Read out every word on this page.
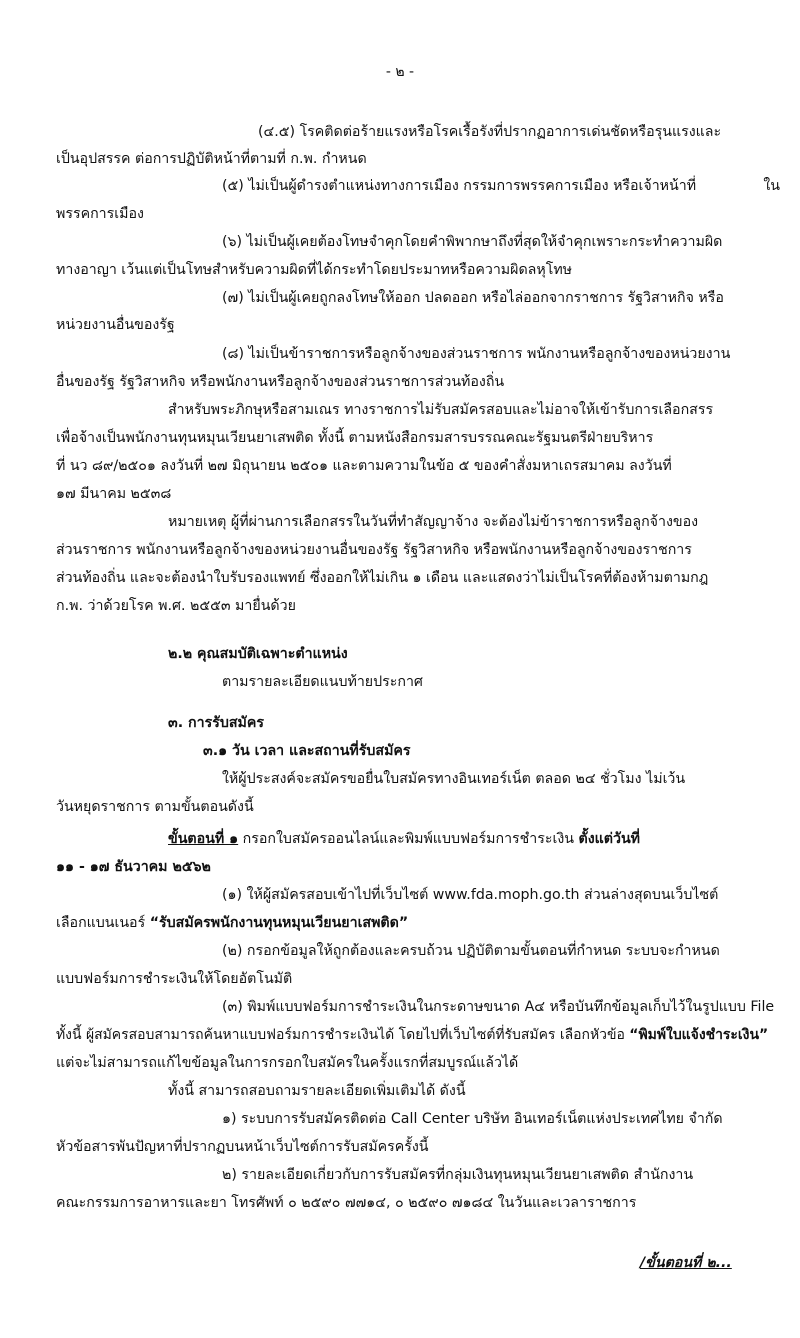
- ๒ -
(๔.๕) โรคติดต่อร้ายแรงหรือโรคเรื้อรังที่ปรากฏอาการเด่นชัดหรือรุนแรงและ
เป็นอุปสรรค ต่อการปฏิบัติหน้าที่ตามที่ ก.พ. กำหนด
(๕) ไม่เป็นผู้ดำรงตำแหน่งทางการเมือง กรรมการพรรคการเมือง หรือเจ้าหน้าที่	ใน
พรรคการเมือง
(๖) ไม่เป็นผู้เคยต้องโทษจำคุกโดยคำพิพากษาถึงที่สุดให้จำคุกเพราะกระทำความผิด
ทางอาญา เว้นแต่เป็นโทษสำหรับความผิดที่ได้กระทำโดยประมาทหรือความผิดลหุโทษ
(๗) ไม่เป็นผู้เคยถูกลงโทษให้ออก ปลดออก หรือไล่ออกจากราชการ รัฐวิสาหกิจ หรือ
หน่วยงานอื่นของรัฐ
(๘) ไม่เป็นข้าราชการหรือลูกจ้างของส่วนราชการ พนักงานหรือลูกจ้างของหน่วยงาน
อื่นของรัฐ รัฐวิสาหกิจ หรือพนักงานหรือลูกจ้างของส่วนราชการส่วนท้องถิ่น
สำหรับพระภิกษุหรือสามเณร ทางราชการไม่รับสมัครสอบและไม่อาจให้เข้ารับการเลือกสรร
เพื่อจ้างเป็นพนักงานทุนหมุนเวียนยาเสพติด ทั้งนี้ ตามหนังสือกรมสารบรรณคณะรัฐมนตรีฝ่ายบริหาร
ที่ นว ๘๙/๒๕๐๑ ลงวันที่ ๒๗ มิถุนายน ๒๕๐๑ และตามความในข้อ ๕ ของคำสั่งมหาเถรสมาคม ลงวันที่
๑๗ มีนาคม ๒๕๓๘
หมายเหตุ ผู้ที่ผ่านการเลือกสรรในวันที่ทำสัญญาจ้าง จะต้องไม่ข้าราชการหรือลูกจ้างของ
ส่วนราชการ พนักงานหรือลูกจ้างของหน่วยงานอื่นของรัฐ รัฐวิสาหกิจ หรือพนักงานหรือลูกจ้างของราชการ
ส่วนท้องถิ่น และจะต้องนำใบรับรองแพทย์ ซึ่งออกให้ไม่เกิน ๑ เดือน และแสดงว่าไม่เป็นโรคที่ต้องห้ามตามกฎ
ก.พ. ว่าด้วยโรค พ.ศ. ๒๕๕๓ มายื่นด้วย
๒.๒ คุณสมบัติเฉพาะตำแหน่ง
ตามรายละเอียดแนบท้ายประกาศ
๓. การรับสมัคร
๓.๑ วัน เวลา และสถานที่รับสมัคร
ให้ผู้ประสงค์จะสมัครขอยื่นใบสมัครทางอินเทอร์เน็ต ตลอด ๒๔ ชั่วโมง ไม่เว้น
วันหยุดราชการ ตามขั้นตอนดังนี้
ขั้นตอนที่ ๑ กรอกใบสมัครออนไลน์และพิมพ์แบบฟอร์มการชำระเงิน ตั้งแต่วันที่
๑๑ - ๑๗ ธันวาคม ๒๕๖๒
(๑) ให้ผู้สมัครสอบเข้าไปที่เว็บไซต์ www.fda.moph.go.th ส่วนล่างสุดบนเว็บไซต์
เลือกแบนเนอร์ “รับสมัครพนักงานทุนหมุนเวียนยาเสพติด”
(๒) กรอกข้อมูลให้ถูกต้องและครบถ้วน ปฏิบัติตามขั้นตอนที่กำหนด ระบบจะกำหนด
แบบฟอร์มการชำระเงินให้โดยอัตโนมัติ
(๓) พิมพ์แบบฟอร์มการชำระเงินในกระดาษขนาด A๔ หรือบันทึกข้อมูลเก็บไว้ในรูปแบบ File
ทั้งนี้ ผู้สมัครสอบสามารถค้นหาแบบฟอร์มการชำระเงินได้ โดยไปที่เว็บไซต์ที่รับสมัคร เลือกหัวข้อ “พิมพ์ใบแจ้งชำระเงิน”
แต่จะไม่สามารถแก้ไขข้อมูลในการกรอกใบสมัครในครั้งแรกที่สมบูรณ์แล้วได้
ทั้งนี้ สามารถสอบถามรายละเอียดเพิ่มเติมได้ ดังนี้
๑) ระบบการรับสมัครติดต่อ Call Center บริษัท อินเทอร์เน็ตแห่งประเทศไทย จำกัด
หัวข้อสารพันปัญหาที่ปรากฏบนหน้าเว็บไซต์การรับสมัครครั้งนี้
๒) รายละเอียดเกี่ยวกับการรับสมัครที่กลุ่มเงินทุนหมุนเวียนยาเสพติด สำนักงาน
คณะกรรมการอาหารและยา โทรศัพท์ ๐ ๒๕๙๐ ๗๗๑๔, ๐ ๒๕๙๐ ๗๑๘๔ ในวันและเวลาราชการ
/ขั้นตอนที่ ๒...
